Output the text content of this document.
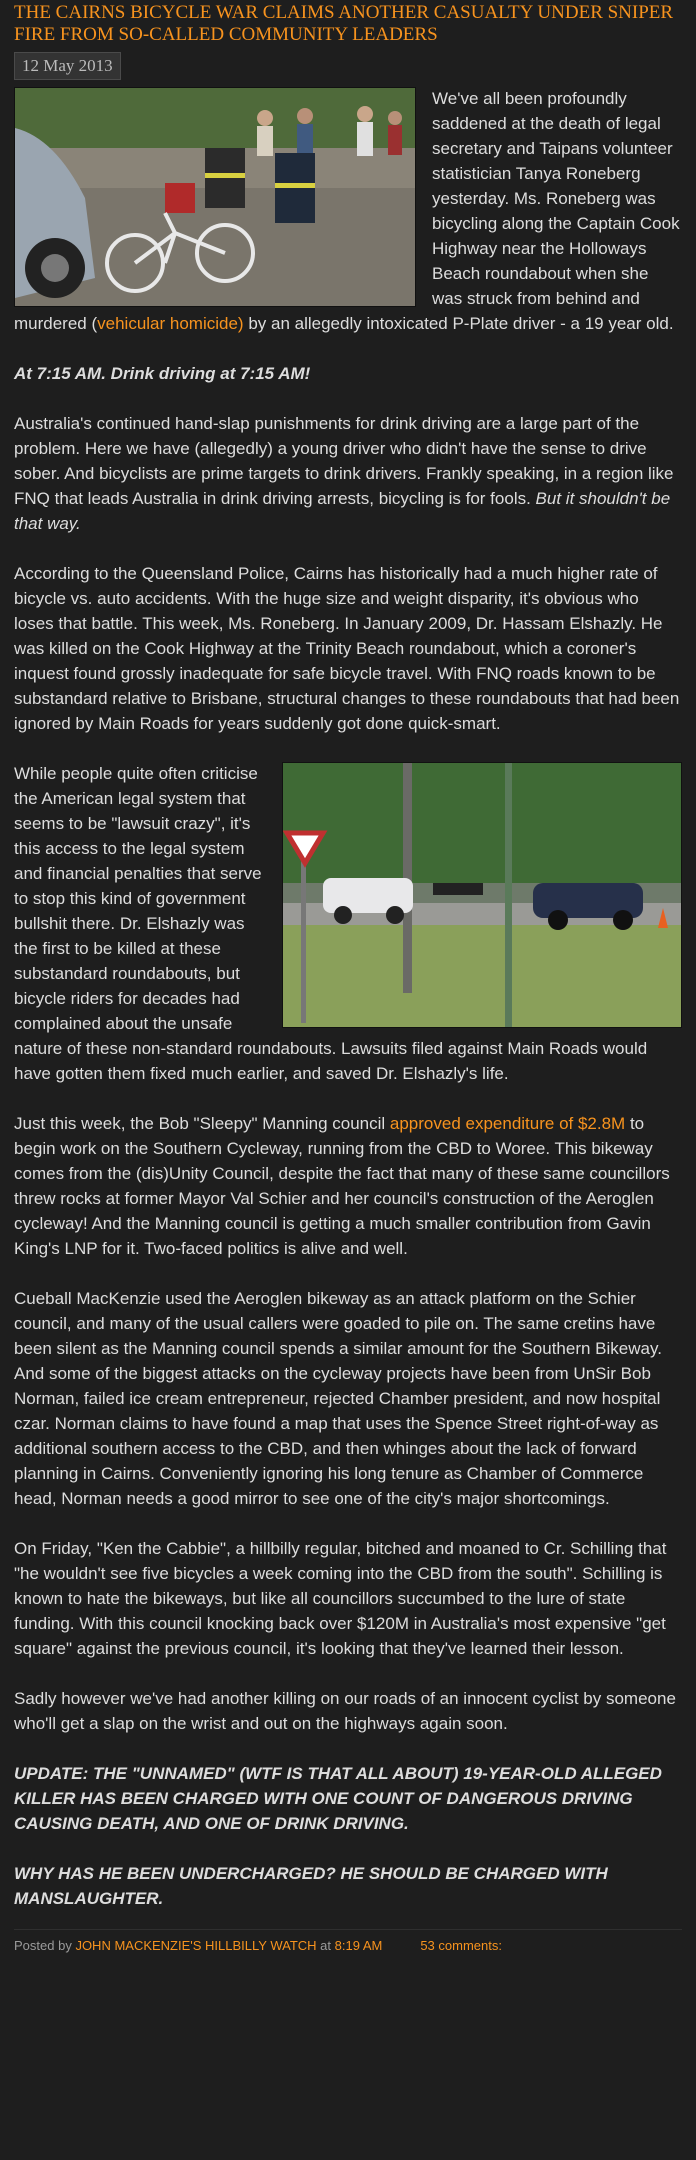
THE CAIRNS BICYCLE WAR CLAIMS ANOTHER CASUALTY UNDER SNIPER FIRE FROM SO-CALLED COMMUNITY LEADERS
12 May 2013

We've all been profoundly saddened at the death of legal secretary and Taipans volunteer statistician Tanya Roneberg yesterday. Ms. Roneberg was bicycling along the Captain Cook Highway near the Holloways Beach roundabout when she was struck from behind and murdered (vehicular homicide) by an allegedly intoxicated P-Plate driver - a 19 year old.

At 7:15 AM. Drink driving at 7:15 AM!

Australia's continued hand-slap punishments for drink driving are a large part of the problem. Here we have (allegedly) a young driver who didn't have the sense to drive sober. And bicyclists are prime targets to drink drivers. Frankly speaking, in a region like FNQ that leads Australia in drink driving arrests, bicycling is for fools. But it shouldn't be that way.

According to the Queensland Police, Cairns has historically had a much higher rate of bicycle vs. auto accidents. With the huge size and weight disparity, it's obvious who loses that battle. This week, Ms. Roneberg. In January 2009, Dr. Hassam Elshazly. He was killed on the Cook Highway at the Trinity Beach roundabout, which a coroner's inquest found grossly inadequate for safe bicycle travel. With FNQ roads known to be substandard relative to Brisbane, structural changes to these roundabouts that had been ignored by Main Roads for years suddenly got done quick-smart.

While people quite often criticise the American legal system that seems to be "lawsuit crazy", it's this access to the legal system and financial penalties that serve to stop this kind of government bullshit there. Dr. Elshazly was the first to be killed at these substandard roundabouts, but bicycle riders for decades had complained about the unsafe nature of these non-standard roundabouts. Lawsuits filed against Main Roads would have gotten them fixed much earlier, and saved Dr. Elshazly's life.

Just this week, the Bob "Sleepy" Manning council approved expenditure of $2.8M to begin work on the Southern Cycleway, running from the CBD to Woree. This bikeway comes from the (dis)Unity Council, despite the fact that many of these same councillors threw rocks at former Mayor Val Schier and her council's construction of the Aeroglen cycleway! And the Manning council is getting a much smaller contribution from Gavin King's LNP for it. Two-faced politics is alive and well.

Cueball MacKenzie used the Aeroglen bikeway as an attack platform on the Schier council, and many of the usual callers were goaded to pile on. The same cretins have been silent as the Manning council spends a similar amount for the Southern Bikeway. And some of the biggest attacks on the cycleway projects have been from UnSir Bob Norman, failed ice cream entrepreneur, rejected Chamber president, and now hospital czar. Norman claims to have found a map that uses the Spence Street right-of-way as additional southern access to the CBD, and then whinges about the lack of forward planning in Cairns. Conveniently ignoring his long tenure as Chamber of Commerce head, Norman needs a good mirror to see one of the city's major shortcomings.

On Friday, "Ken the Cabbie", a hillbilly regular, bitched and moaned to Cr. Schilling that "he wouldn't see five bicycles a week coming into the CBD from the south". Schilling is known to hate the bikeways, but like all councillors succumbed to the lure of state funding. With this council knocking back over $120M in Australia's most expensive "get square" against the previous council, it's looking that they've learned their lesson.

Sadly however we've had another killing on our roads of an innocent cyclist by someone who'll get a slap on the wrist and out on the highways again soon.

UPDATE: THE "UNNAMED" (WTF IS THAT ALL ABOUT) 19-YEAR-OLD ALLEGED KILLER HAS BEEN CHARGED WITH ONE COUNT OF DANGEROUS DRIVING CAUSING DEATH, AND ONE OF DRINK DRIVING.

WHY HAS HE BEEN UNDERCHARGED? HE SHOULD BE CHARGED WITH MANSLAUGHTER.

Posted by JOHN MACKENZIE'S HILLBILLY WATCH at 8:19 AM	53 comments:
